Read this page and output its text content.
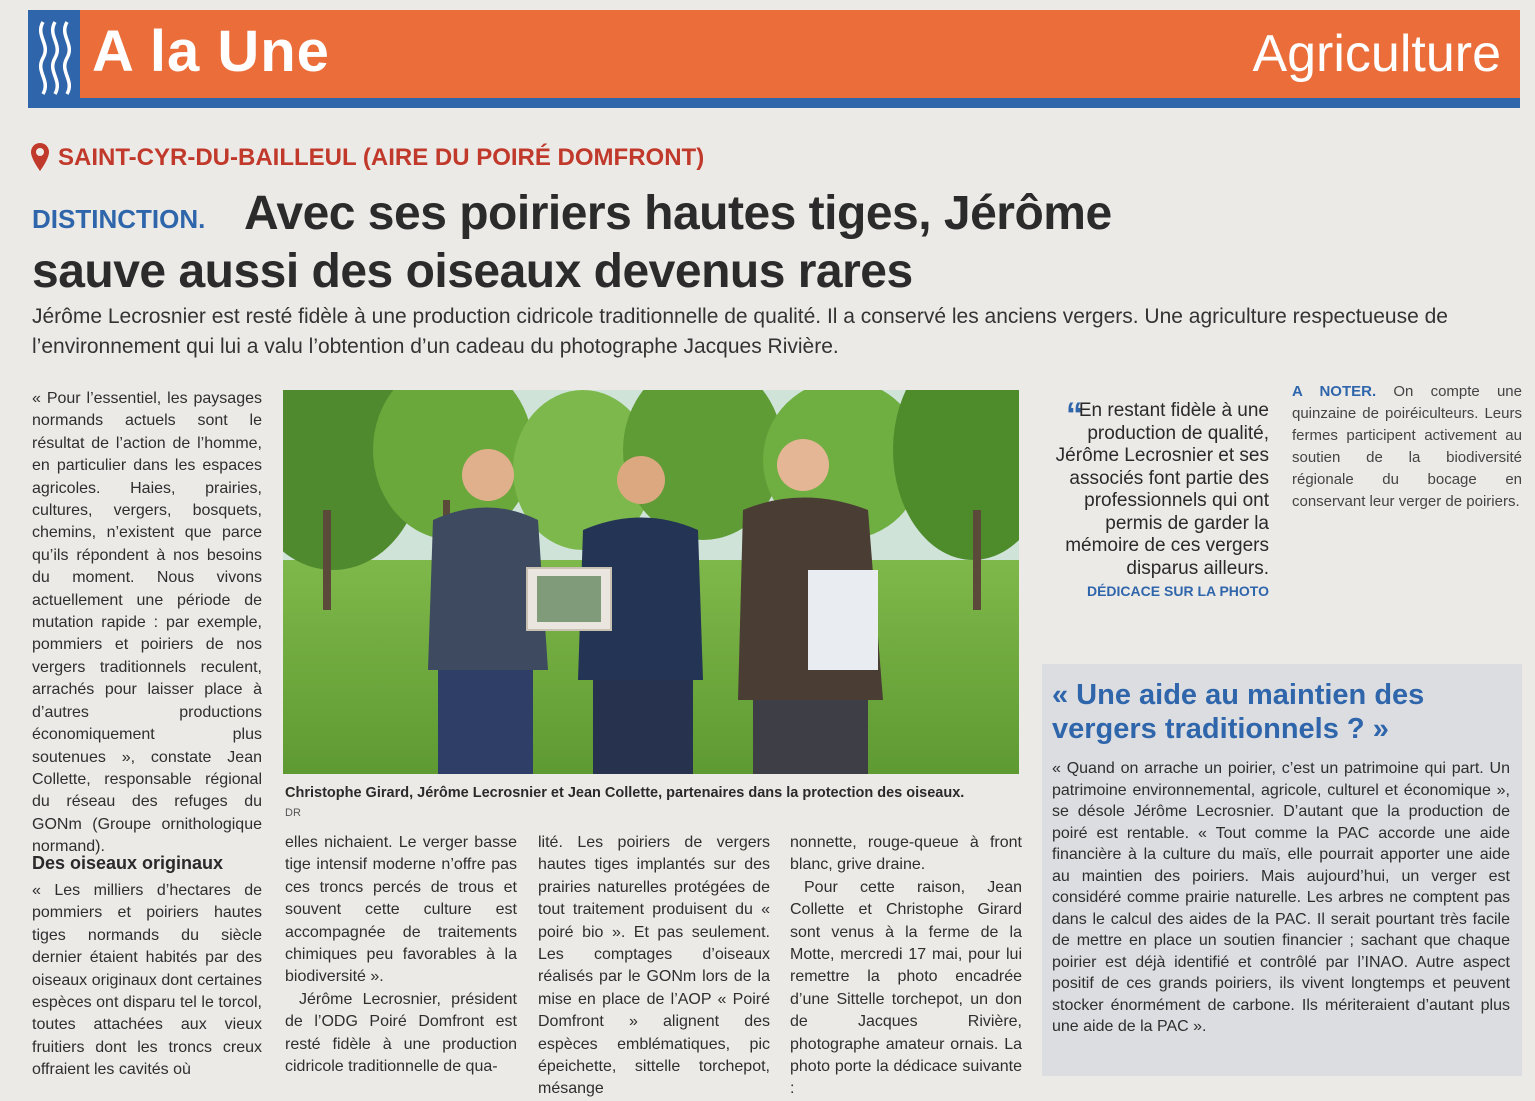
A la Une	Agriculture
SAINT-CYR-DU-BAILLEUL (AIRE DU POIRÉ DOMFRONT)
DISTINCTION. Avec ses poiriers hautes tiges, Jérôme
sauve aussi des oiseaux devenus rares
Jérôme Lecrosnier est resté fidèle à une production cidricole traditionnelle de qualité. Il a conservé les anciens vergers. Une agriculture respectueuse de l’environnement qui lui a valu l’obtention d’un cadeau du photographe Jacques Rivière.

« Pour l’essentiel, les paysages normands actuels sont le résultat de l’action de l’homme, en particulier dans les espaces agricoles. Haies, prairies, cultures, vergers, bosquets, chemins, n’existent que parce qu’ils répondent à nos besoins du moment. Nous vivons actuellement une période de mutation rapide : par exemple, pommiers et poiriers de nos vergers traditionnels reculent, arrachés pour laisser place à d’autres productions économiquement plus soutenues », constate Jean Collette, responsable régional du réseau des refuges du GONm (Groupe ornithologique normand).

Des oiseaux originaux

« Les milliers d’hectares de pommiers et poiriers hautes tiges normands du siècle dernier étaient habités par des oiseaux originaux dont certaines espèces ont disparu tel le torcol, toutes attachées aux vieux fruitiers dont les troncs creux offraient les cavités où

elles nichaient. Le verger basse tige intensif moderne n’offre pas ces troncs percés de trous et souvent cette culture est accompagnée de traitements chimiques peu favorables à la biodiversité ».

Jérôme Lecrosnier, président de l’ODG Poiré Domfront est resté fidèle à une production cidricole traditionnelle de qua-

lité. Les poiriers de vergers hautes tiges implantés sur des prairies naturelles protégées de tout traitement produisent du « poiré bio ». Et pas seulement. Les comptages d’oiseaux réalisés par le GONm lors de la mise en place de l’AOP « Poiré Domfront » alignent des espèces emblématiques, pic épeichette, sittelle torchepot, mésange

nonnette, rouge-queue à front blanc, grive draine.

Pour cette raison, Jean Collette et Christophe Girard sont venus à la ferme de la Motte, mercredi 17 mai, pour lui remettre la photo encadrée d’une Sittelle torchepot, un don de Jacques Rivière, photographe amateur ornais. La photo porte la dédicace suivante :

Christophe Girard, Jérôme Lecrosnier et Jean Collette, partenaires dans la protection des oiseaux. DR
“
En restant fidèle à une production de qualité, Jérôme Lecrosnier et ses associés font partie des professionnels qui ont permis de garder la mémoire de ces vergers disparus ailleurs.
DÉDICACE SUR LA PHOTO
A NOTER. On compte une quinzaine de poiréiculteurs. Leurs fermes participent activement au soutien de la biodiversité régionale du bocage en conservant leur verger de poiriers.
« Une aide au maintien des vergers traditionnels ? »
« Quand on arrache un poirier, c’est un patrimoine qui part. Un patrimoine environnemental, agricole, culturel et économique », se désole Jérôme Lecrosnier. D’autant que la production de poiré est rentable. « Tout comme la PAC accorde une aide financière à la culture du maïs, elle pourrait apporter une aide au maintien des poiriers. Mais aujourd’hui, un verger est considéré comme prairie naturelle. Les arbres ne comptent pas dans le calcul des aides de la PAC. Il serait pourtant très facile de mettre en place un soutien financier ; sachant que chaque poirier est déjà identifié et contrôlé par l’INAO. Autre aspect positif de ces grands poiriers, ils vivent longtemps et peuvent stocker énormément de carbone. Ils mériteraient d’autant plus une aide de la PAC ».
